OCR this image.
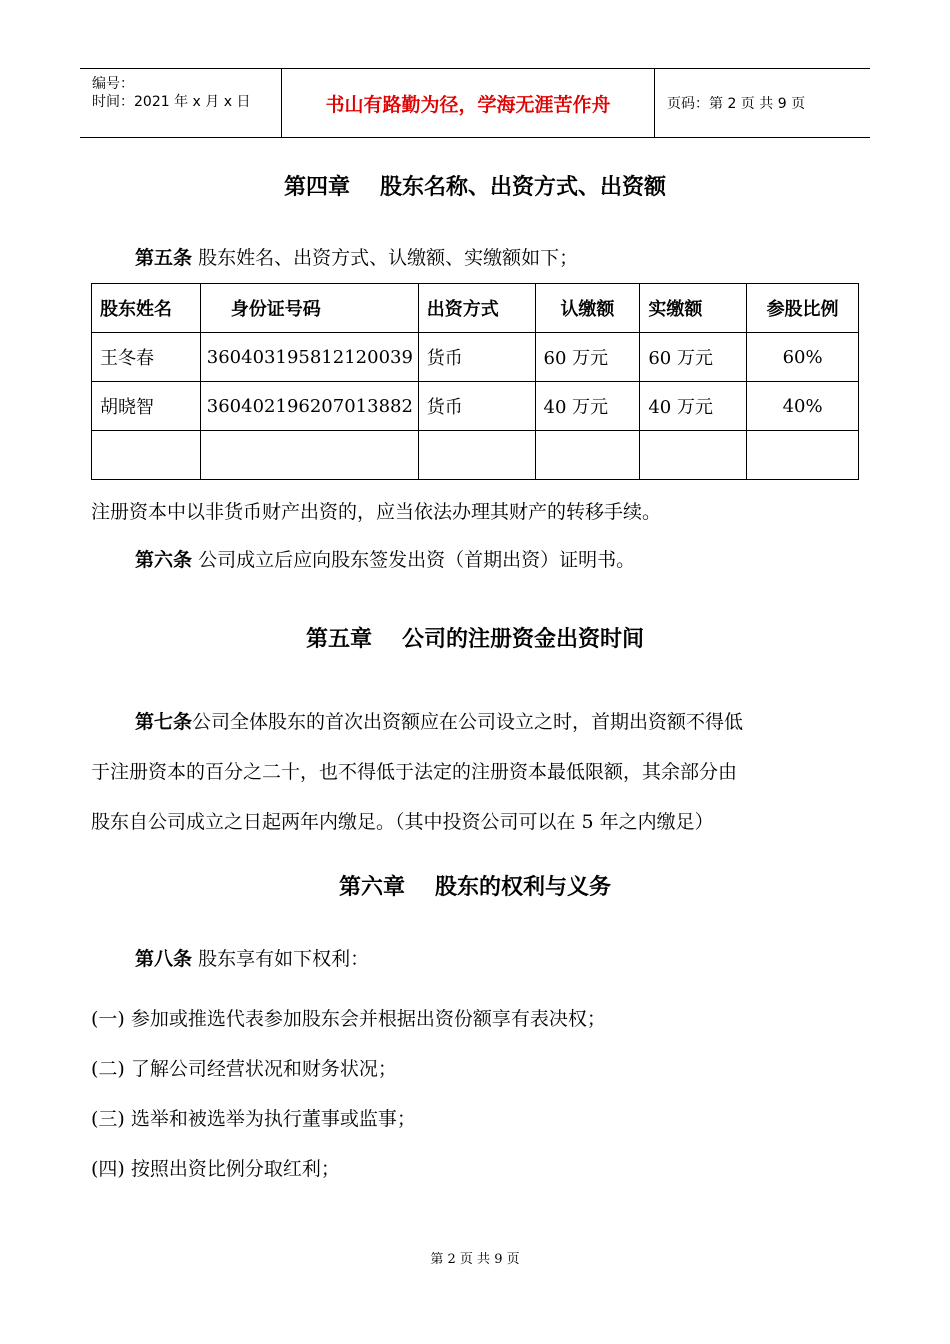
编号：
时间：2021 年 x 月 x 日	书山有路勤为径，学海无涯苦作舟	页码：第 2 页 共 9 页
第四章 股东名称、出资方式、出资额
第五条 股东姓名、出资方式、认缴额、实缴额如下；
股东姓名	身份证号码	出资方式	认缴额	实缴额	参股比例
王冬春	360403195812120039	货币	60 万元	60 万元	60%
胡晓智	360402196207013882	货币	40 万元	40 万元	40%

注册资本中以非货币财产出资的，应当依法办理其财产的转移手续。
第六条 公司成立后应向股东签发出资（首期出资）证明书。
第五章 公司的注册资金出资时间
第七条公司全体股东的首次出资额应在公司设立之时，首期出资额不得低
于注册资本的百分之二十，也不得低于法定的注册资本最低限额，其余部分由
股东自公司成立之日起两年内缴足。（其中投资公司可以在 5 年之内缴足）
第六章 股东的权利与义务
第八条 股东享有如下权利：
(一) 参加或推选代表参加股东会并根据出资份额享有表决权；
(二) 了解公司经营状况和财务状况；
(三) 选举和被选举为执行董事或监事；
(四) 按照出资比例分取红利；
第 2 页 共 9 页
